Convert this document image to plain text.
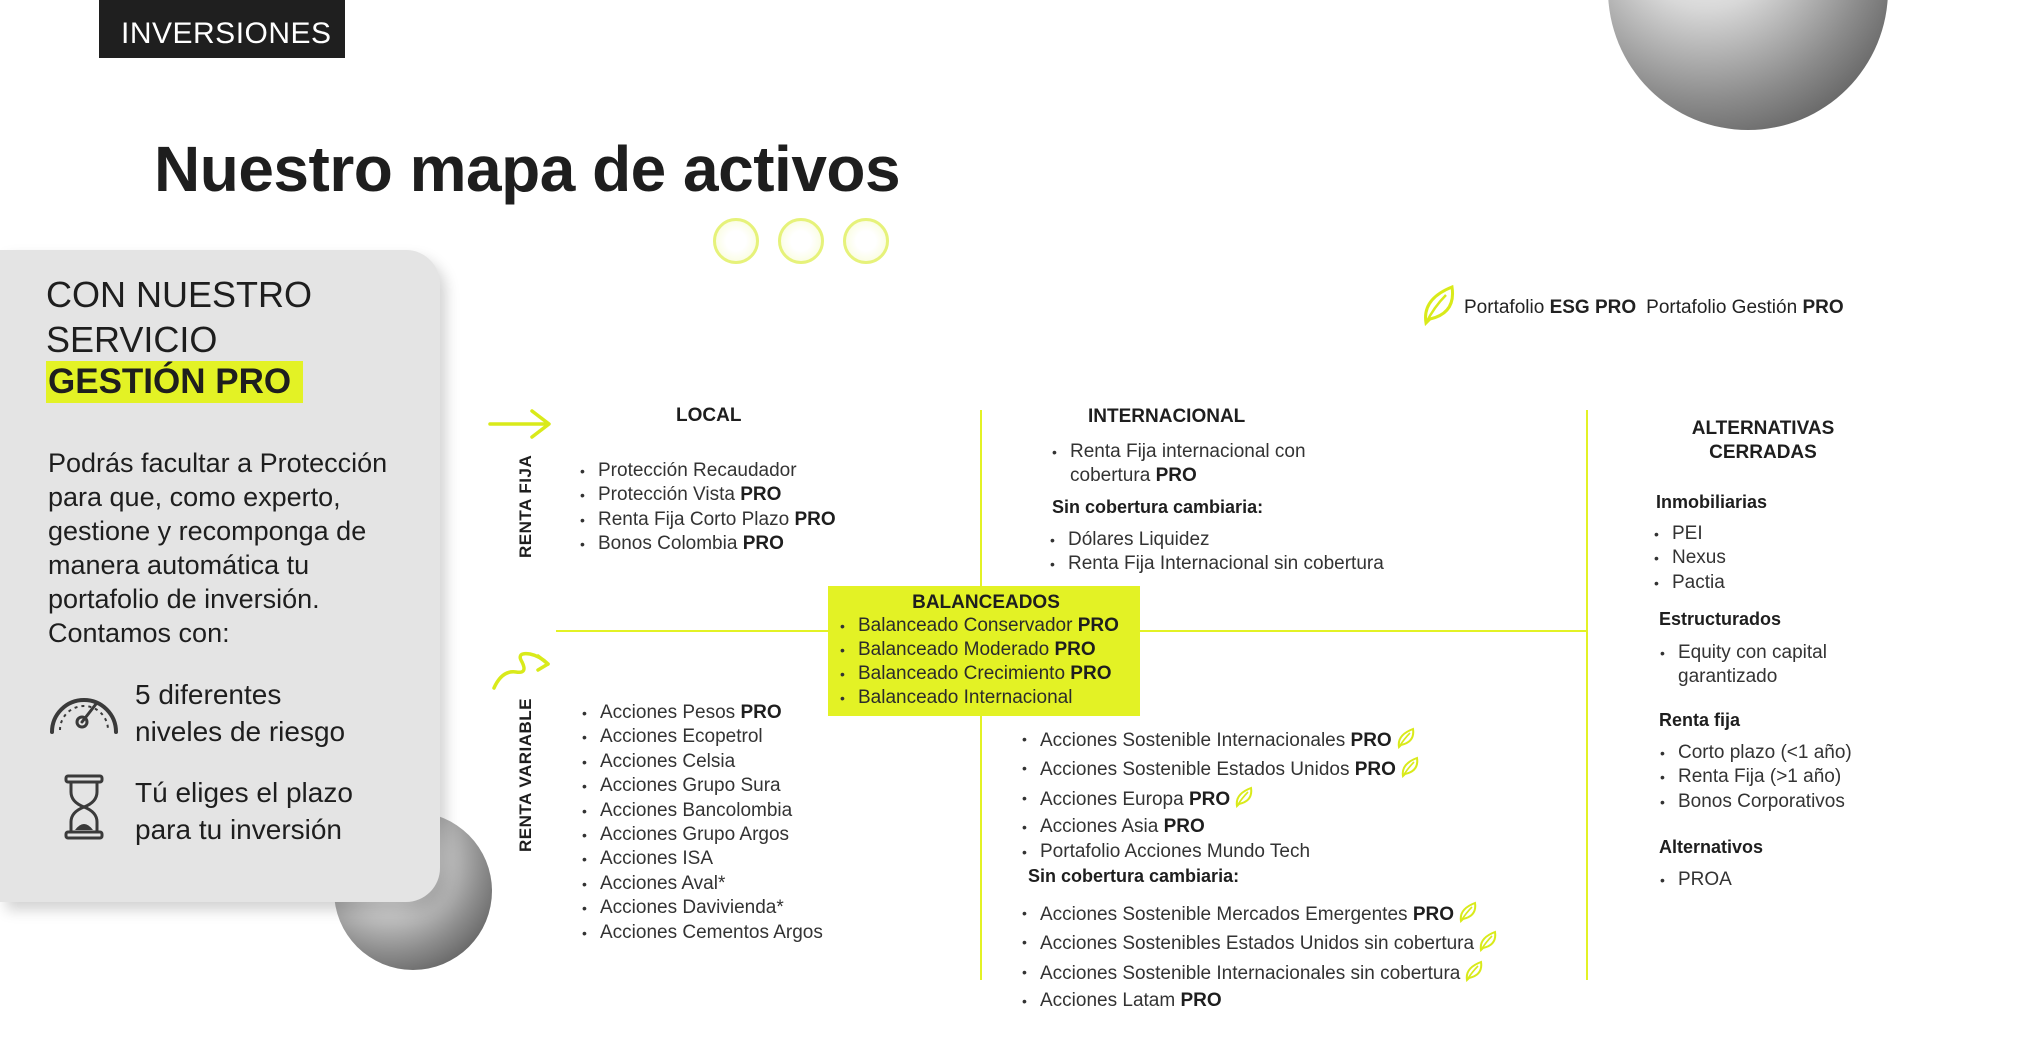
INVERSIONES
Nuestro mapa de activos
CON NUESTRO
SERVICIO
GESTIÓN PRO
Podrás facultar a Protección
para que, como experto,
gestione y recomponga de
manera automática tu
portafolio de inversión.
Contamos con:
5 diferentes
niveles de riesgo
Tú eliges el plazo
para tu inversión
Portafolio
ESG PRO Portafolio Gestión
PRO
RENTA FIJA
RENTA VARIABLE
LOCAL	INTERNACIONAL
ALTERNATIVAS
CERRADAS
• Protección Recaudador
• Protección Vista PRO
• Renta Fija Corto Plazo PRO
• Bonos Colombia PRO
• Renta Fija internacional con
cobertura PRO
Sin cobertura cambiaria:
• Dólares Liquidez
• Renta Fija Internacional sin cobertura
BALANCEADOS
• Balanceado Conservador PRO
• Balanceado Moderado PRO
• Balanceado Crecimiento PRO
• Balanceado Internacional
• Acciones Pesos PRO
• Acciones Ecopetrol
• Acciones Celsia
• Acciones Grupo Sura
• Acciones Bancolombia
• Acciones Grupo Argos
• Acciones ISA
• Acciones Aval*
• Acciones Davivienda*
• Acciones Cementos Argos
• Acciones Sostenible Internacionales PRO
• Acciones Sostenible Estados Unidos PRO
• Acciones Europa PRO
• Acciones Asia PRO
• Portafolio Acciones Mundo Tech
Sin cobertura cambiaria:
• Acciones Sostenible Mercados Emergentes PRO
• Acciones Sostenibles Estados Unidos sin cobertura
• Acciones Sostenible Internacionales sin cobertura
• Acciones Latam PRO
Inmobiliarias
• PEI
• Nexus
• Pactia
Estructurados
• Equity con capital
garantizado
Renta fija
• Corto plazo (<1 año)
• Renta Fija (>1 año)
• Bonos Corporativos
Alternativos
• PROA
